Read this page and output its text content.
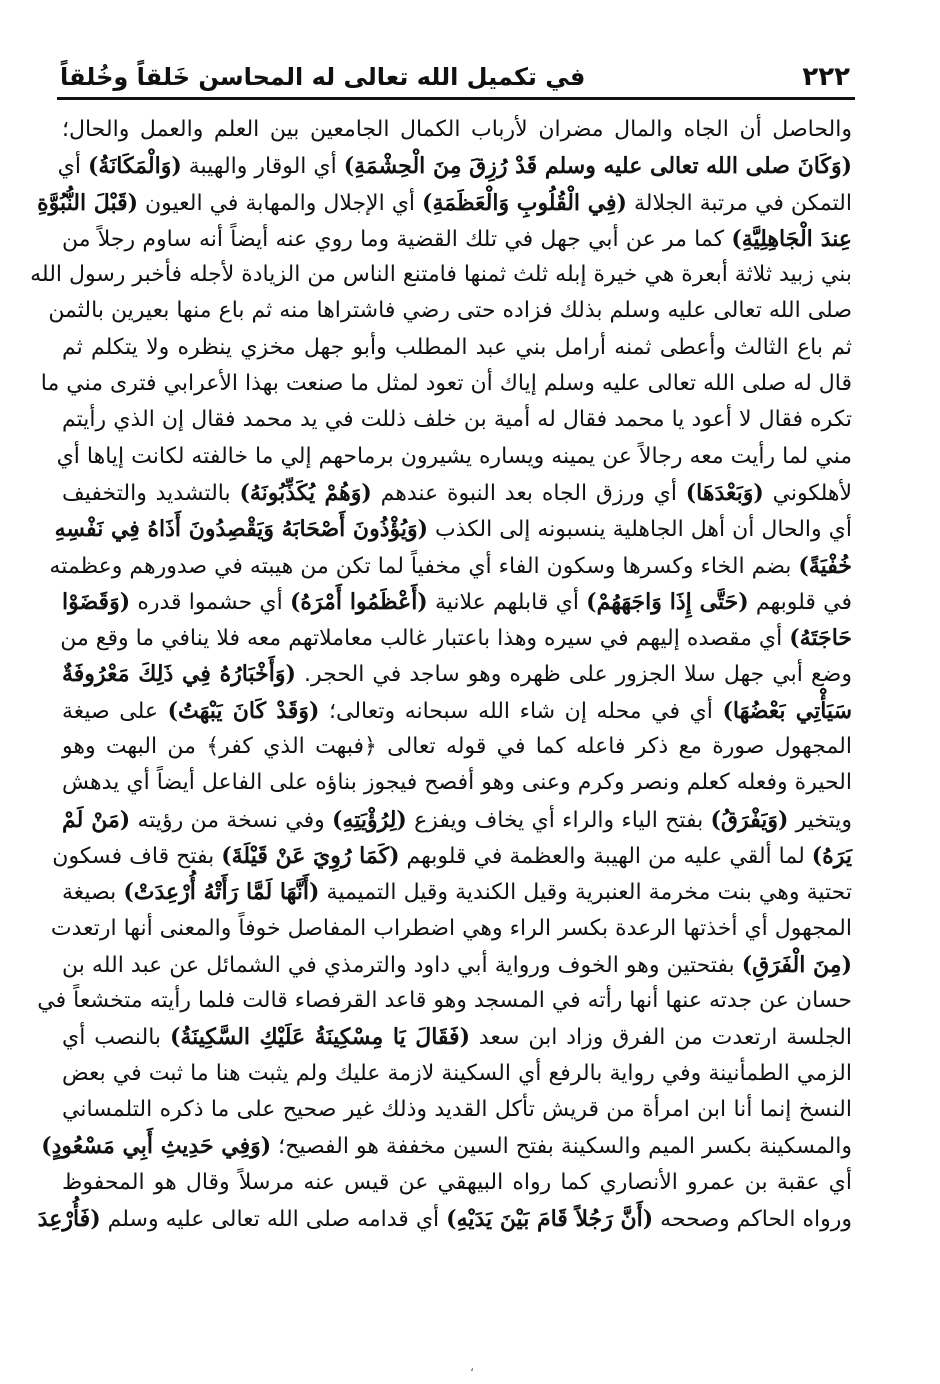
٢٢٢
في تكميل الله تعالى له المحاسن خَلقاً وخُلقاً
والحاصل أن الجاه والمال مضران لأرباب الكمال الجامعين بين العلم والعمل والحال؛
(وَكَانَ صلى الله تعالى عليه وسلم قَدْ رُزِقَ مِنَ الْحِشْمَةِ) أي الوقار والهيبة (وَالْمَكَانَةُ) أي
التمكن في مرتبة الجلالة (فِي الْقُلُوبِ وَالْعَظَمَةِ) أي الإجلال والمهابة في العيون (قَبْلَ النُّبُوَّةِ
عِندَ الْجَاهِلِيَّةِ) كما مر عن أبي جهل في تلك القضية وما روي عنه أيضاً أنه ساوم رجلاً من
بني زبيد ثلاثة أبعرة هي خيرة إبله ثلث ثمنها فامتنع الناس من الزيادة لأجله فأخبر رسول الله
صلى الله تعالى عليه وسلم بذلك فزاده حتى رضي فاشتراها منه ثم باع منها بعيرين بالثمن
ثم باع الثالث وأعطى ثمنه أرامل بني عبد المطلب وأبو جهل مخزي ينظره ولا يتكلم ثم
قال له صلى الله تعالى عليه وسلم إياك أن تعود لمثل ما صنعت بهذا الأعرابي فترى مني ما
تكره فقال لا أعود يا محمد فقال له أمية بن خلف ذللت في يد محمد فقال إن الذي رأيتم
مني لما رأيت معه رجالاً عن يمينه ويساره يشيرون برماحهم إلي ما خالفته لكانت إياها أي
لأهلكوني (وَبَعْدَهَا) أي ورزق الجاه بعد النبوة عندهم (وَهُمْ يُكَذِّبُونَهُ) بالتشديد والتخفيف
أي والحال أن أهل الجاهلية ينسبونه إلى الكذب (وَيُؤْذُونَ أَصْحَابَهُ وَيَقْصِدُونَ أَذَاهُ فِي نَفْسِهِ
خُفْيَةً) بضم الخاء وكسرها وسكون الفاء أي مخفياً لما تكن من هيبته في صدورهم وعظمته
في قلوبهم (حَتَّى إِذَا وَاجَهَهُمْ) أي قابلهم علانية (أَعْظَمُوا أَمْرَهُ) أي حشموا قدره (وَقَضَوْا
حَاجَتَهُ) أي مقصده إليهم في سيره وهذا باعتبار غالب معاملاتهم معه فلا ينافي ما وقع من
وضع أبي جهل سلا الجزور على ظهره وهو ساجد في الحجر. (وَأَخْبَارُهُ فِي ذَلِكَ مَعْرُوفَةٌ
سَيَأْتِي بَعْضُهَا) أي في محله إن شاء الله سبحانه وتعالى؛ (وَقَدْ كَانَ يَبْهَتُ) على صيغة
المجهول صورة مع ذكر فاعله كما في قوله تعالى ﴿فبهت الذي كفر﴾ من البهت وهو
الحيرة وفعله كعلم ونصر وكرم وعنى وهو أفصح فيجوز بناؤه على الفاعل أيضاً أي يدهش
ويتخير (وَيَفْرَقُ) بفتح الياء والراء أي يخاف ويفزع (لِرُؤْيَتِهِ) وفي نسخة من رؤيته (مَنْ لَمْ
يَرَهُ) لما ألقي عليه من الهيبة والعظمة في قلوبهم (كَمَا رُوِيَ عَنْ قَيْلَةَ) بفتح قاف فسكون
تحتية وهي بنت مخرمة العنبرية وقيل الكندية وقيل التميمية (أَنَّهَا لَمَّا رَأَتْهُ أُرْعِدَتْ) بصيغة
المجهول أي أخذتها الرعدة بكسر الراء وهي اضطراب المفاصل خوفاً والمعنى أنها ارتعدت
(مِنَ الْفَرَقِ) بفتحتين وهو الخوف ورواية أبي داود والترمذي في الشمائل عن عبد الله بن
حسان عن جدته عنها أنها رأته في المسجد وهو قاعد القرفصاء قالت فلما رأيته متخشعاً في
الجلسة ارتعدت من الفرق وزاد ابن سعد (فَقَالَ يَا مِسْكِينَةُ عَلَيْكِ السَّكِينَةُ) بالنصب أي
الزمي الطمأنينة وفي رواية بالرفع أي السكينة لازمة عليك ولم يثبت هنا ما ثبت في بعض
النسخ إنما أنا ابن امرأة من قريش تأكل القديد وذلك غير صحيح على ما ذكره التلمساني
والمسكينة بكسر الميم والسكينة بفتح السين مخففة هو الفصيح؛ (وَفِي حَدِيثِ أَبِي مَسْعُودٍ)
أي عقبة بن عمرو الأنصاري كما رواه البيهقي عن قيس عنه مرسلاً وقال هو المحفوظ
ورواه الحاكم وصححه (أَنَّ رَجُلاً قَامَ بَيْنَ يَدَيْهِ) أي قدامه صلى الله تعالى عليه وسلم (فَأُرْعِدَ
،
